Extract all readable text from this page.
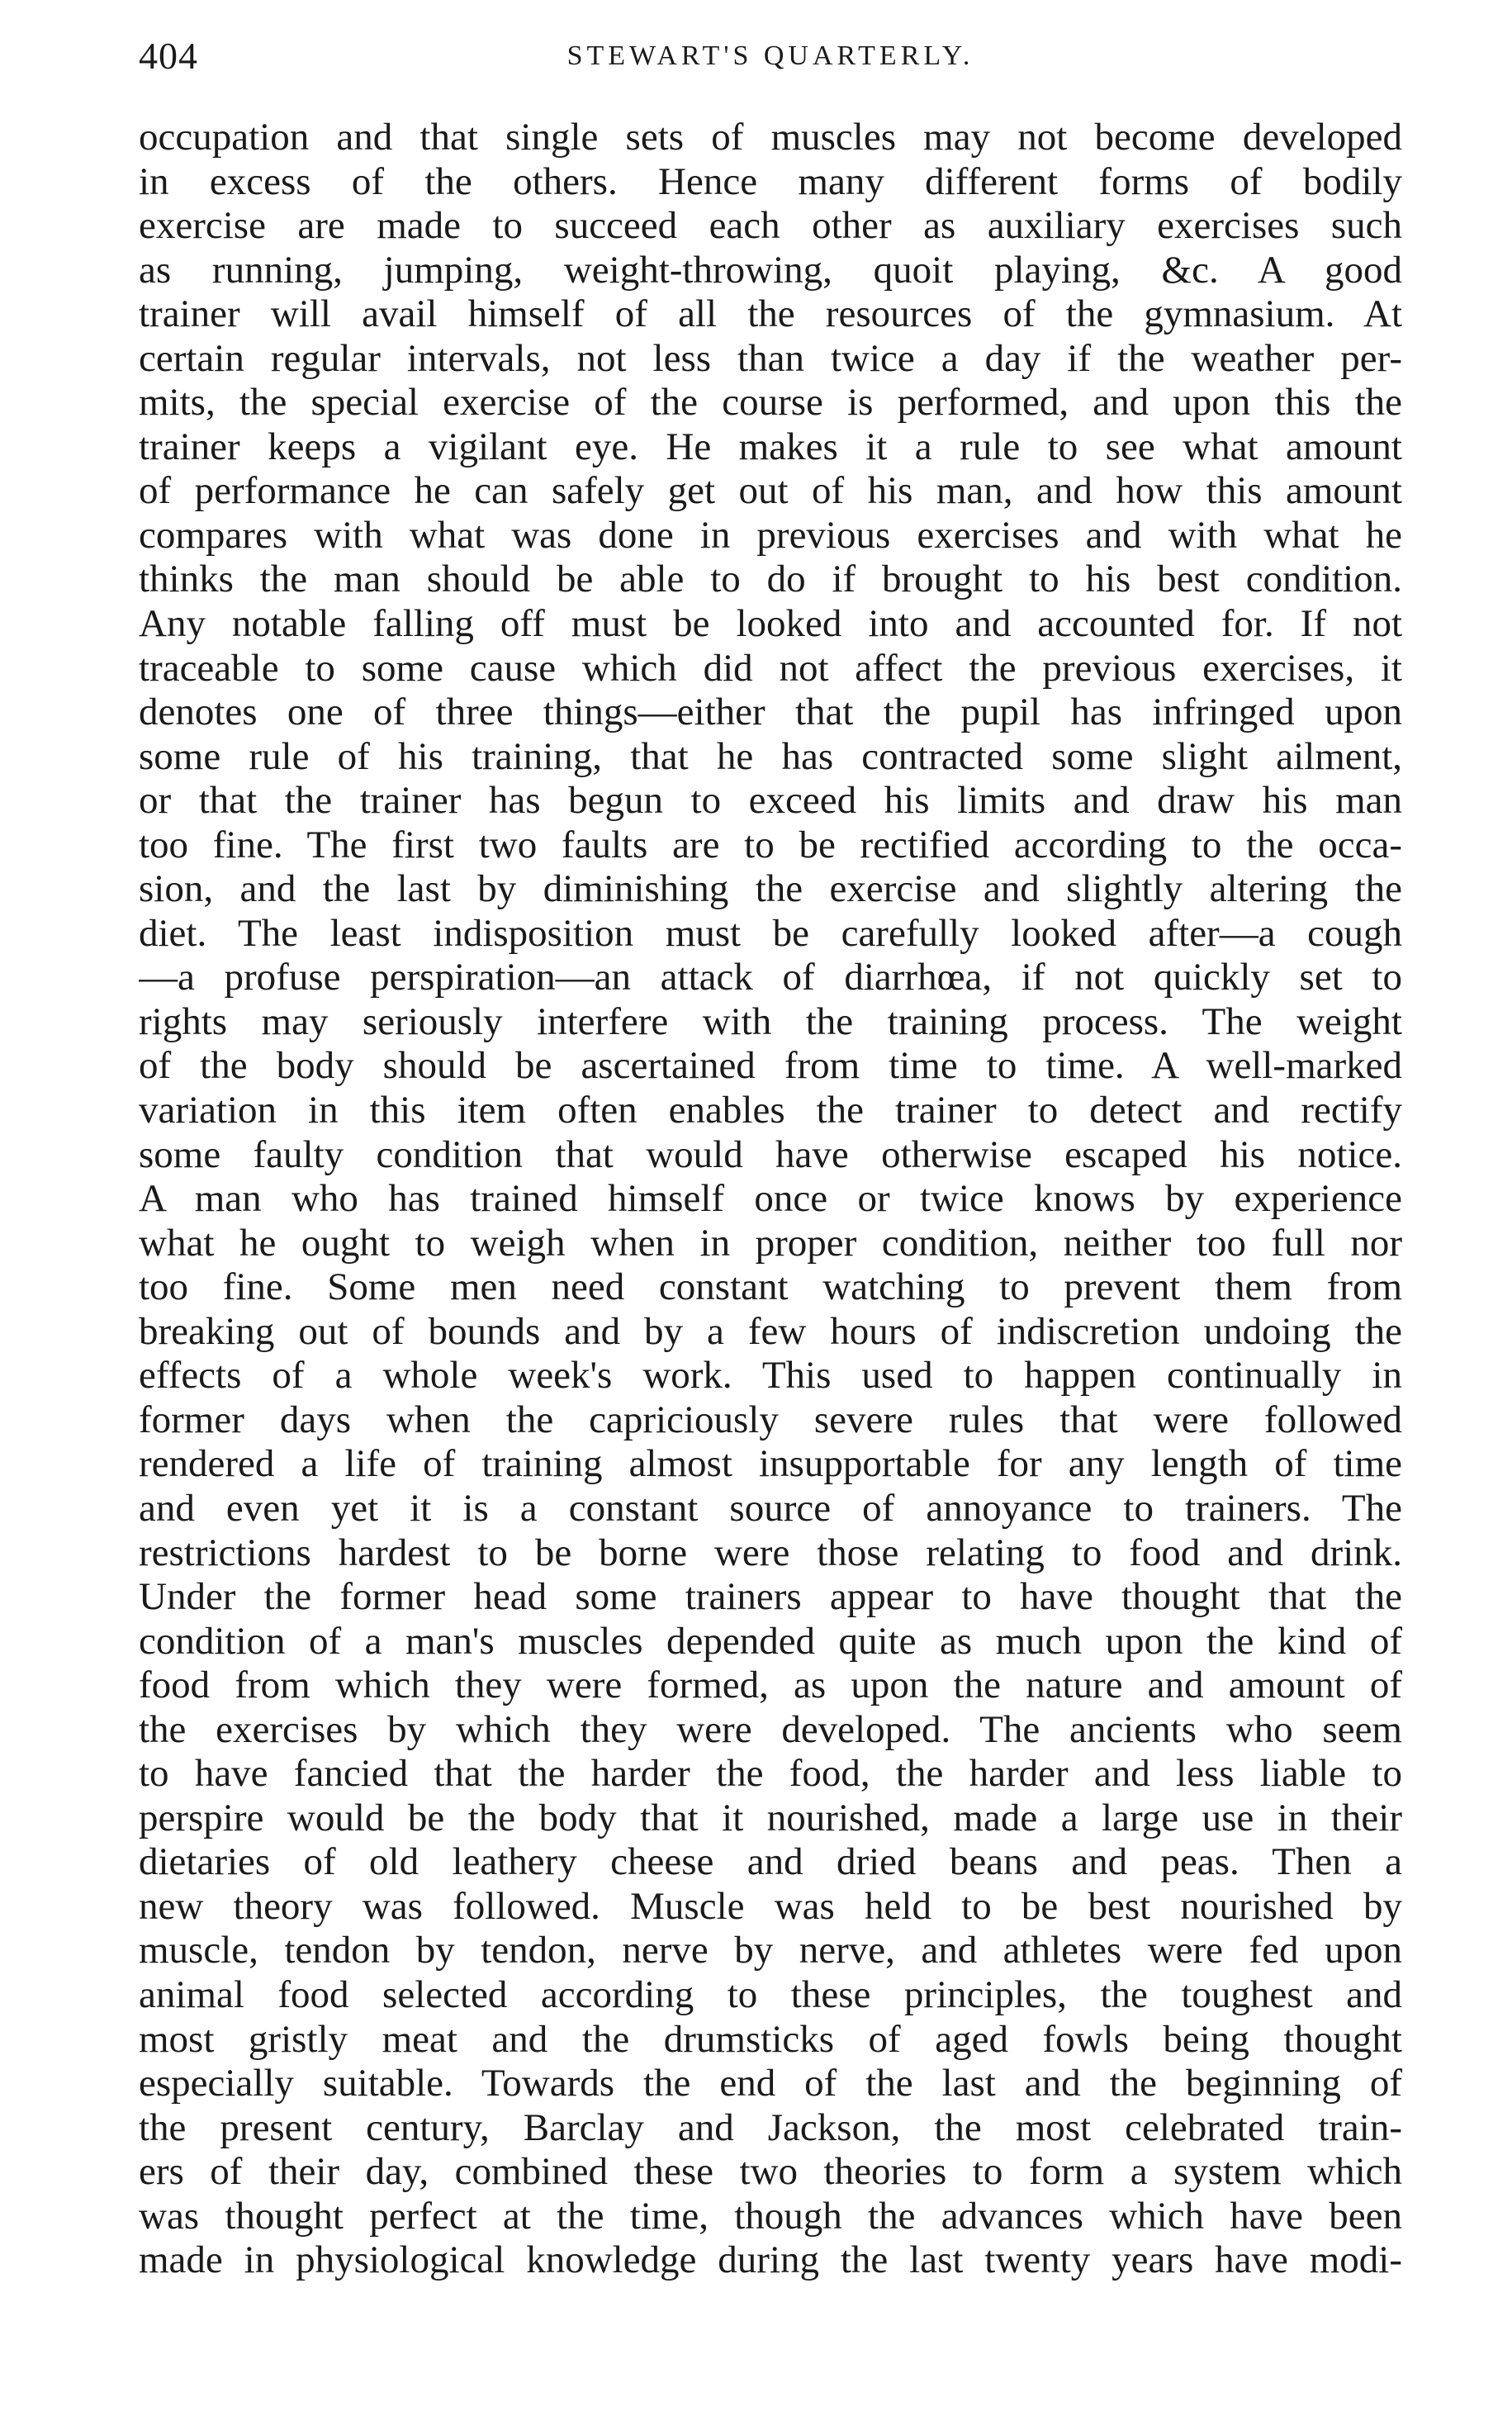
404	STEWART'S QUARTERLY.
occupation and that single sets of muscles may not become developed
in excess of the others. Hence many different forms of bodily
exercise are made to succeed each other as auxiliary exercises such
as running, jumping, weight-throwing, quoit playing, &c. A good
trainer will avail himself of all the resources of the gymnasium. At
certain regular intervals, not less than twice a day if the weather per-
mits, the special exercise of the course is performed, and upon this the
trainer keeps a vigilant eye. He makes it a rule to see what amount
of performance he can safely get out of his man, and how this amount
compares with what was done in previous exercises and with what he
thinks the man should be able to do if brought to his best condition.
Any notable falling off must be looked into and accounted for. If not
traceable to some cause which did not affect the previous exercises, it
denotes one of three things—either that the pupil has infringed upon
some rule of his training, that he has contracted some slight ailment,
or that the trainer has begun to exceed his limits and draw his man
too fine. The first two faults are to be rectified according to the occa-
sion, and the last by diminishing the exercise and slightly altering the
diet. The least indisposition must be carefully looked after—a cough
—a profuse perspiration—an attack of diarrhœa, if not quickly set to
rights may seriously interfere with the training process. The weight
of the body should be ascertained from time to time. A well-marked
variation in this item often enables the trainer to detect and rectify
some faulty condition that would have otherwise escaped his notice.
A man who has trained himself once or twice knows by experience
what he ought to weigh when in proper condition, neither too full nor
too fine. Some men need constant watching to prevent them from
breaking out of bounds and by a few hours of indiscretion undoing the
effects of a whole week's work. This used to happen continually in
former days when the capriciously severe rules that were followed
rendered a life of training almost insupportable for any length of time
and even yet it is a constant source of annoyance to trainers. The
restrictions hardest to be borne were those relating to food and drink.
Under the former head some trainers appear to have thought that the
condition of a man's muscles depended quite as much upon the kind of
food from which they were formed, as upon the nature and amount of
the exercises by which they were developed. The ancients who seem
to have fancied that the harder the food, the harder and less liable to
perspire would be the body that it nourished, made a large use in their
dietaries of old leathery cheese and dried beans and peas. Then a
new theory was followed. Muscle was held to be best nourished by
muscle, tendon by tendon, nerve by nerve, and athletes were fed upon
animal food selected according to these principles, the toughest and
most gristly meat and the drumsticks of aged fowls being thought
especially suitable. Towards the end of the last and the beginning of
the present century, Barclay and Jackson, the most celebrated train-
ers of their day, combined these two theories to form a system which
was thought perfect at the time, though the advances which have been
made in physiological knowledge during the last twenty years have modi-
